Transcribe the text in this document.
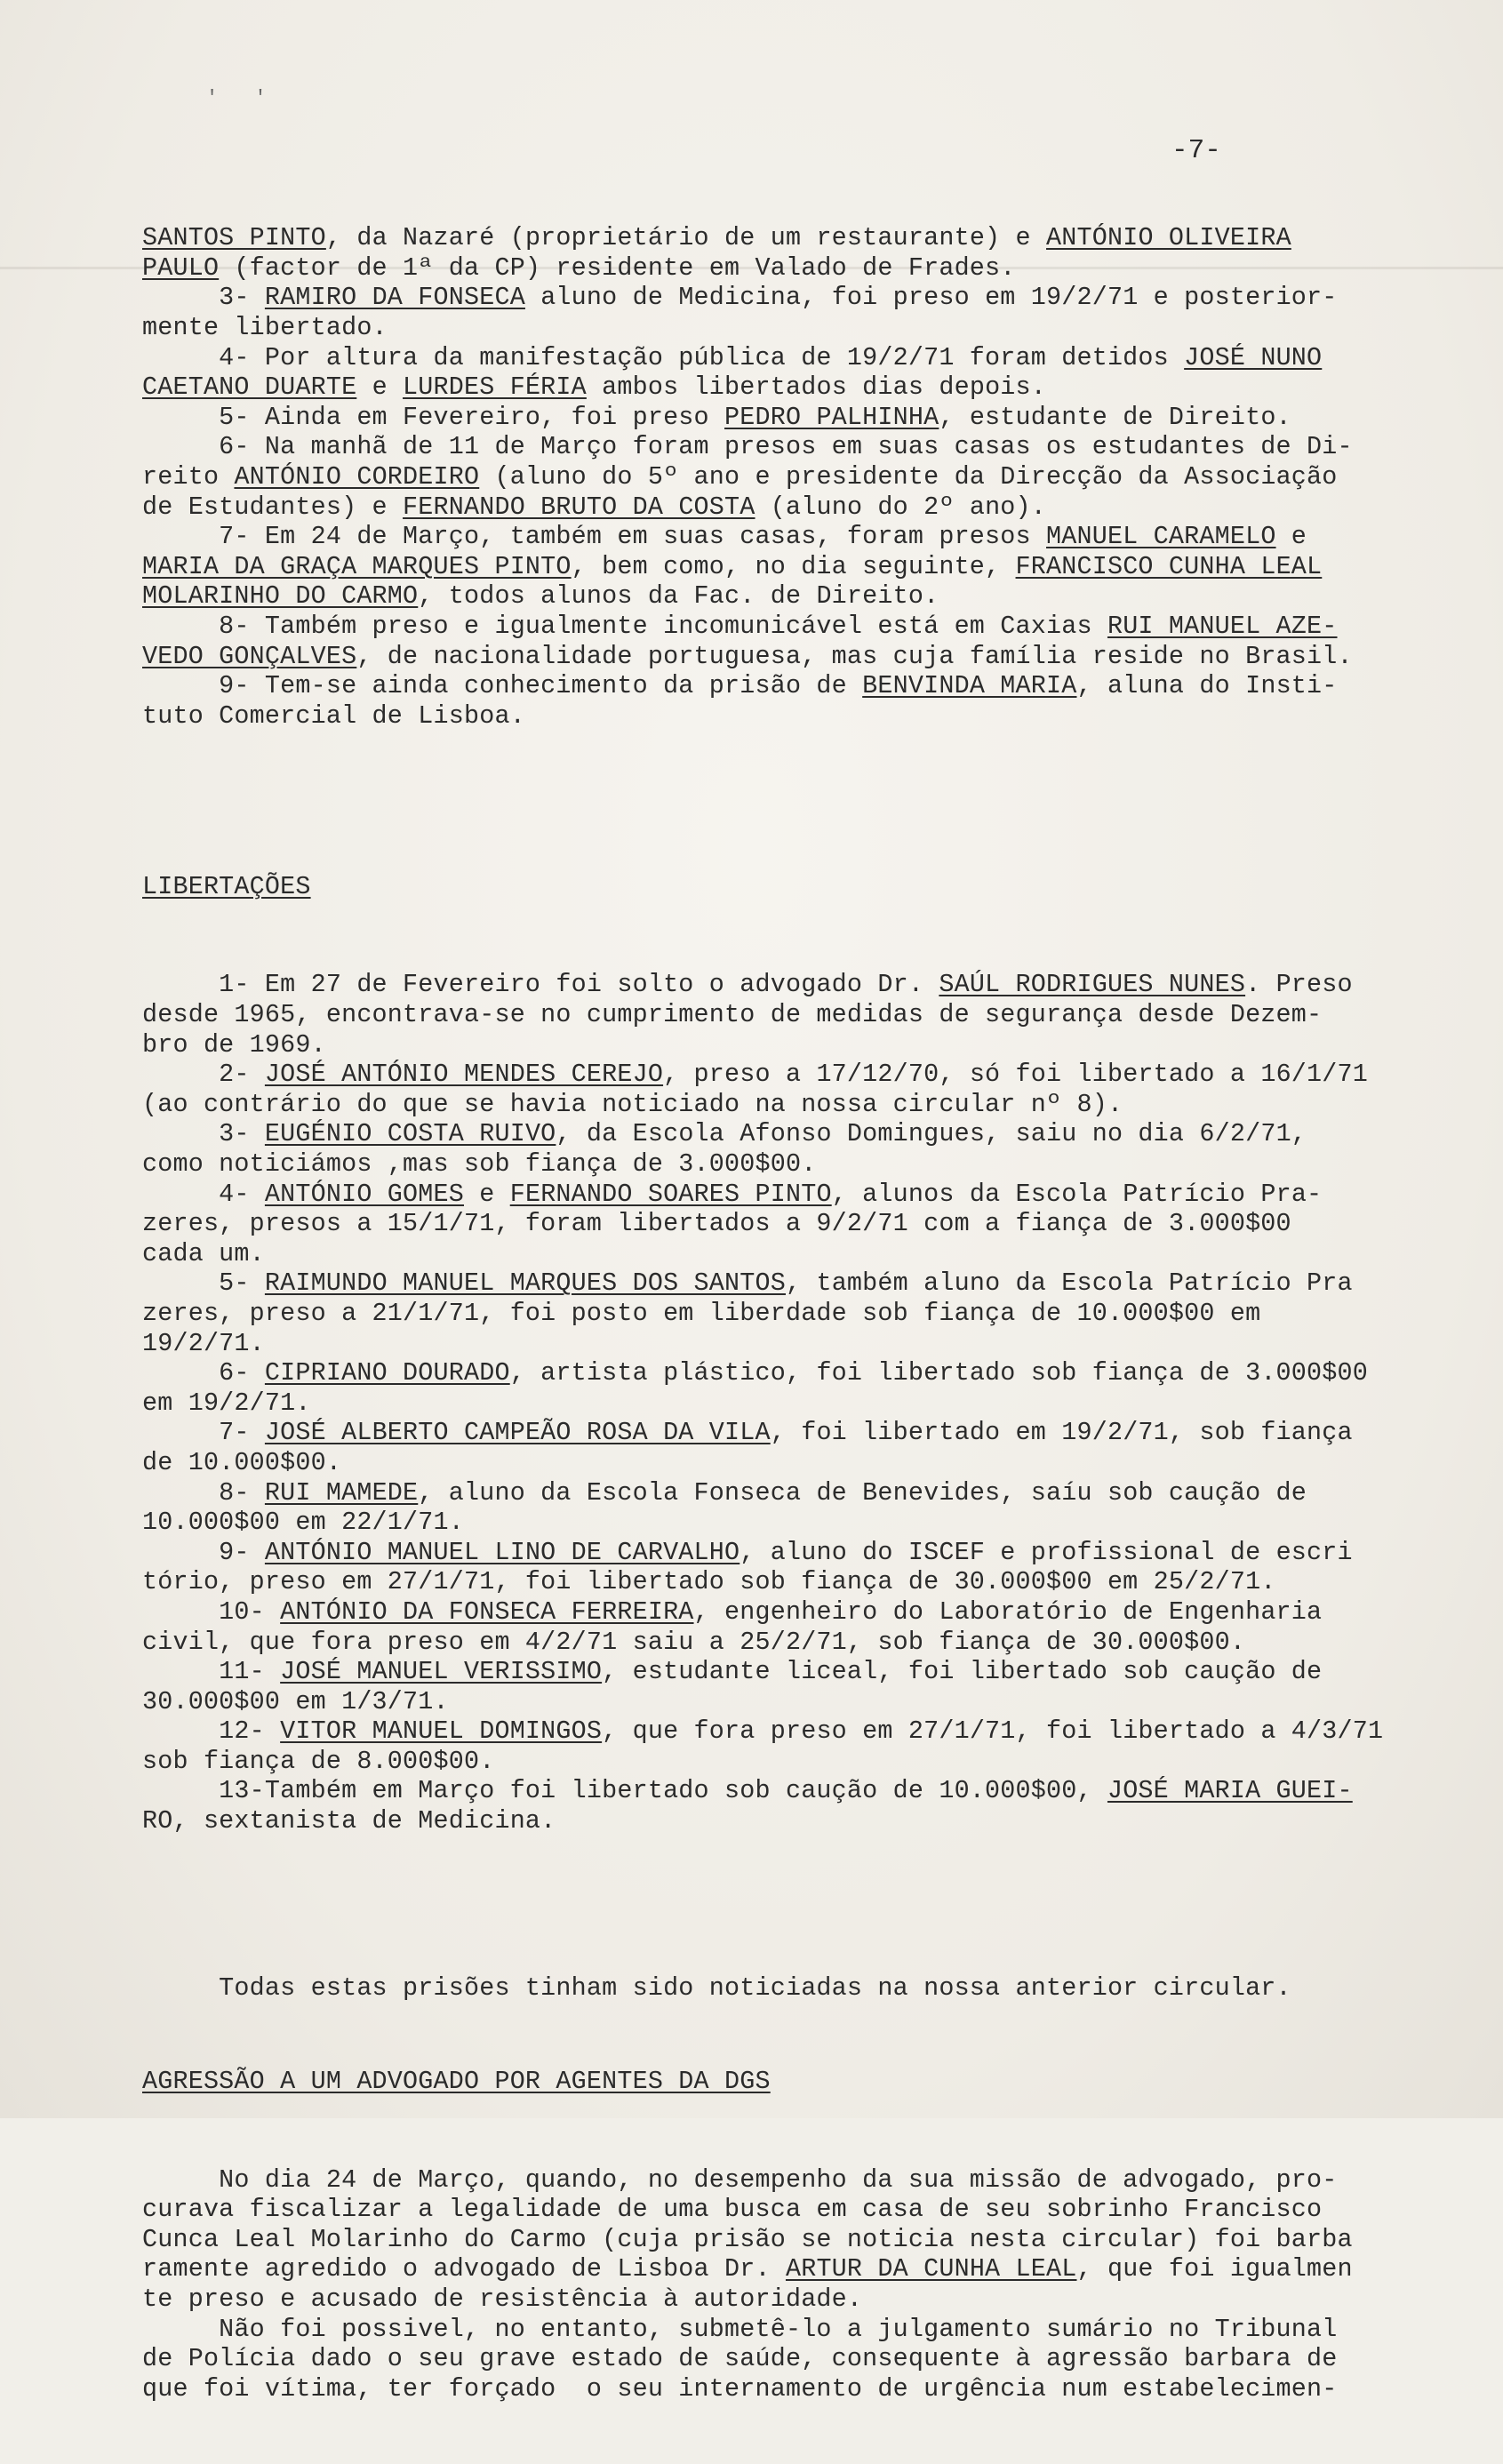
' '
-7-

SANTOS PINTO, da Nazaré (proprietário de um restaurante) e ANTÓNIO OLIVEIRA
PAULO (factor de 1ª da CP) residente em Valado de Frades.
3- RAMIRO DA FONSECA aluno de Medicina, foi preso em 19/2/71 e posterior-
mente libertado.
4- Por altura da manifestação pública de 19/2/71 foram detidos JOSÉ NUNO
CAETANO DUARTE e LURDES FÉRIA ambos libertados dias depois.
5- Ainda em Fevereiro, foi preso PEDRO PALHINHA, estudante de Direito.
6- Na manhã de 11 de Março foram presos em suas casas os estudantes de Di-
reito ANTÓNIO CORDEIRO (aluno do 5º ano e presidente da Direcção da Associação
de Estudantes) e FERNANDO BRUTO DA COSTA (aluno do 2º ano).
7- Em 24 de Março, também em suas casas, foram presos MANUEL CARAMELO e
MARIA DA GRAÇA MARQUES PINTO, bem como, no dia seguinte, FRANCISCO CUNHA LEAL
MOLARINHO DO CARMO, todos alunos da Fac. de Direito.
8- Também preso e igualmente incomunicável está em Caxias RUI MANUEL AZE-
VEDO GONÇALVES, de nacionalidade portuguesa, mas cuja família reside no Brasil.
9- Tem-se ainda conhecimento da prisão de BENVINDA MARIA, aluna do Insti-
tuto Comercial de Lisboa.

LIBERTAÇÕES

1- Em 27 de Fevereiro foi solto o advogado Dr. SAÚL RODRIGUES NUNES. Preso
desde 1965, encontrava-se no cumprimento de medidas de segurança desde Dezem-
bro de 1969.
2- JOSÉ ANTÓNIO MENDES CEREJO, preso a 17/12/70, só foi libertado a 16/1/71
(ao contrário do que se havia noticiado na nossa circular nº 8).
3- EUGÉNIO COSTA RUIVO, da Escola Afonso Domingues, saiu no dia 6/2/71,
como noticiámos ,mas sob fiança de 3.000$00.
4- ANTÓNIO GOMES e FERNANDO SOARES PINTO, alunos da Escola Patrício Pra-
zeres, presos a 15/1/71, foram libertados a 9/2/71 com a fiança de 3.000$00
cada um.
5- RAIMUNDO MANUEL MARQUES DOS SANTOS, também aluno da Escola Patrício Pra
zeres, preso a 21/1/71, foi posto em liberdade sob fiança de 10.000$00 em
19/2/71.
6- CIPRIANO DOURADO, artista plástico, foi libertado sob fiança de 3.000$00
em 19/2/71.
7- JOSÉ ALBERTO CAMPEÃO ROSA DA VILA, foi libertado em 19/2/71, sob fiança
de 10.000$00.
8- RUI MAMEDE, aluno da Escola Fonseca de Benevides, saíu sob caução de
10.000$00 em 22/1/71.
9- ANTÓNIO MANUEL LINO DE CARVALHO, aluno do ISCEF e profissional de escri
tório, preso em 27/1/71, foi libertado sob fiança de 30.000$00 em 25/2/71.
10- ANTÓNIO DA FONSECA FERREIRA, engenheiro do Laboratório de Engenharia
civil, que fora preso em 4/2/71 saiu a 25/2/71, sob fiança de 30.000$00.
11- JOSÉ MANUEL VERISSIMO, estudante liceal, foi libertado sob caução de
30.000$00 em 1/3/71.
12- VITOR MANUEL DOMINGOS, que fora preso em 27/1/71, foi libertado a 4/3/71
sob fiança de 8.000$00.
13-Também em Março foi libertado sob caução de 10.000$00, JOSÉ MARIA GUEI-
RO, sextanista de Medicina.

Todas estas prisões tinham sido noticiadas na nossa anterior circular.

AGRESSÃO A UM ADVOGADO POR AGENTES DA DGS

No dia 24 de Março, quando, no desempenho da sua missão de advogado, pro-
curava fiscalizar a legalidade de uma busca em casa de seu sobrinho Francisco
Cunca Leal Molarinho do Carmo (cuja prisão se noticia nesta circular) foi barba
ramente agredido o advogado de Lisboa Dr. ARTUR DA CUNHA LEAL, que foi igualmen
te preso e acusado de resistência à autoridade.
Não foi possivel, no entanto, submetê-lo a julgamento sumário no Tribunal
de Polícia dado o seu grave estado de saúde, consequente à agressão barbara de
que foi vítima, ter forçado  o seu internamento de urgência num estabelecimen-
